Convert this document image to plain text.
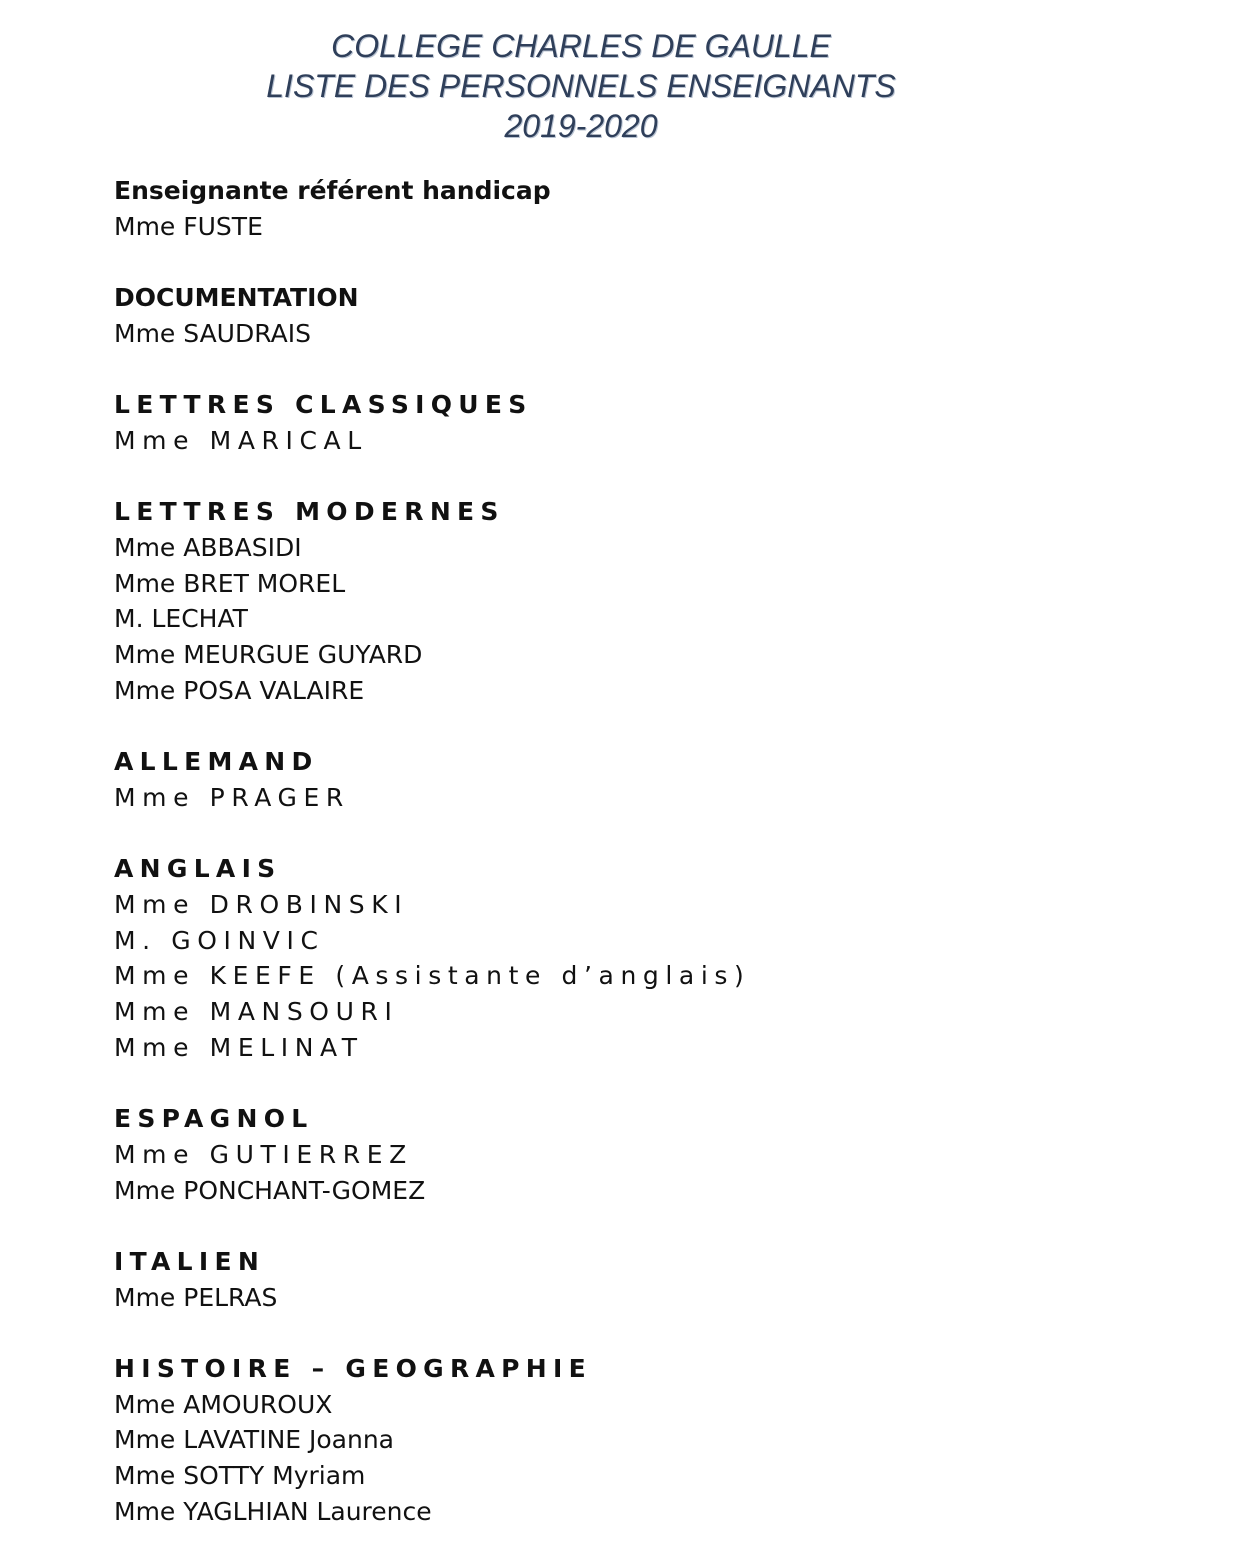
COLLEGE CHARLES DE GAULLE
LISTE DES PERSONNELS ENSEIGNANTS
2019-2020
Enseignante référent handicap
Mme FUSTE
DOCUMENTATION
Mme SAUDRAIS
LETTRES CLASSIQUES
Mme MARICAL
LETTRES MODERNES
Mme ABBASIDI
Mme BRET MOREL
M. LECHAT
Mme MEURGUE GUYARD
Mme POSA VALAIRE
ALLEMAND
Mme PRAGER
ANGLAIS
Mme DROBINSKI
M. GOINVIC
Mme KEEFE (Assistante d’anglais)
Mme MANSOURI
Mme MELINAT
ESPAGNOL
Mme GUTIERREZ
Mme PONCHANT-GOMEZ
ITALIEN
Mme PELRAS
HISTOIRE – GEOGRAPHIE
Mme AMOUROUX
Mme LAVATINE Joanna
Mme SOTTY Myriam
Mme YAGLHIAN Laurence
